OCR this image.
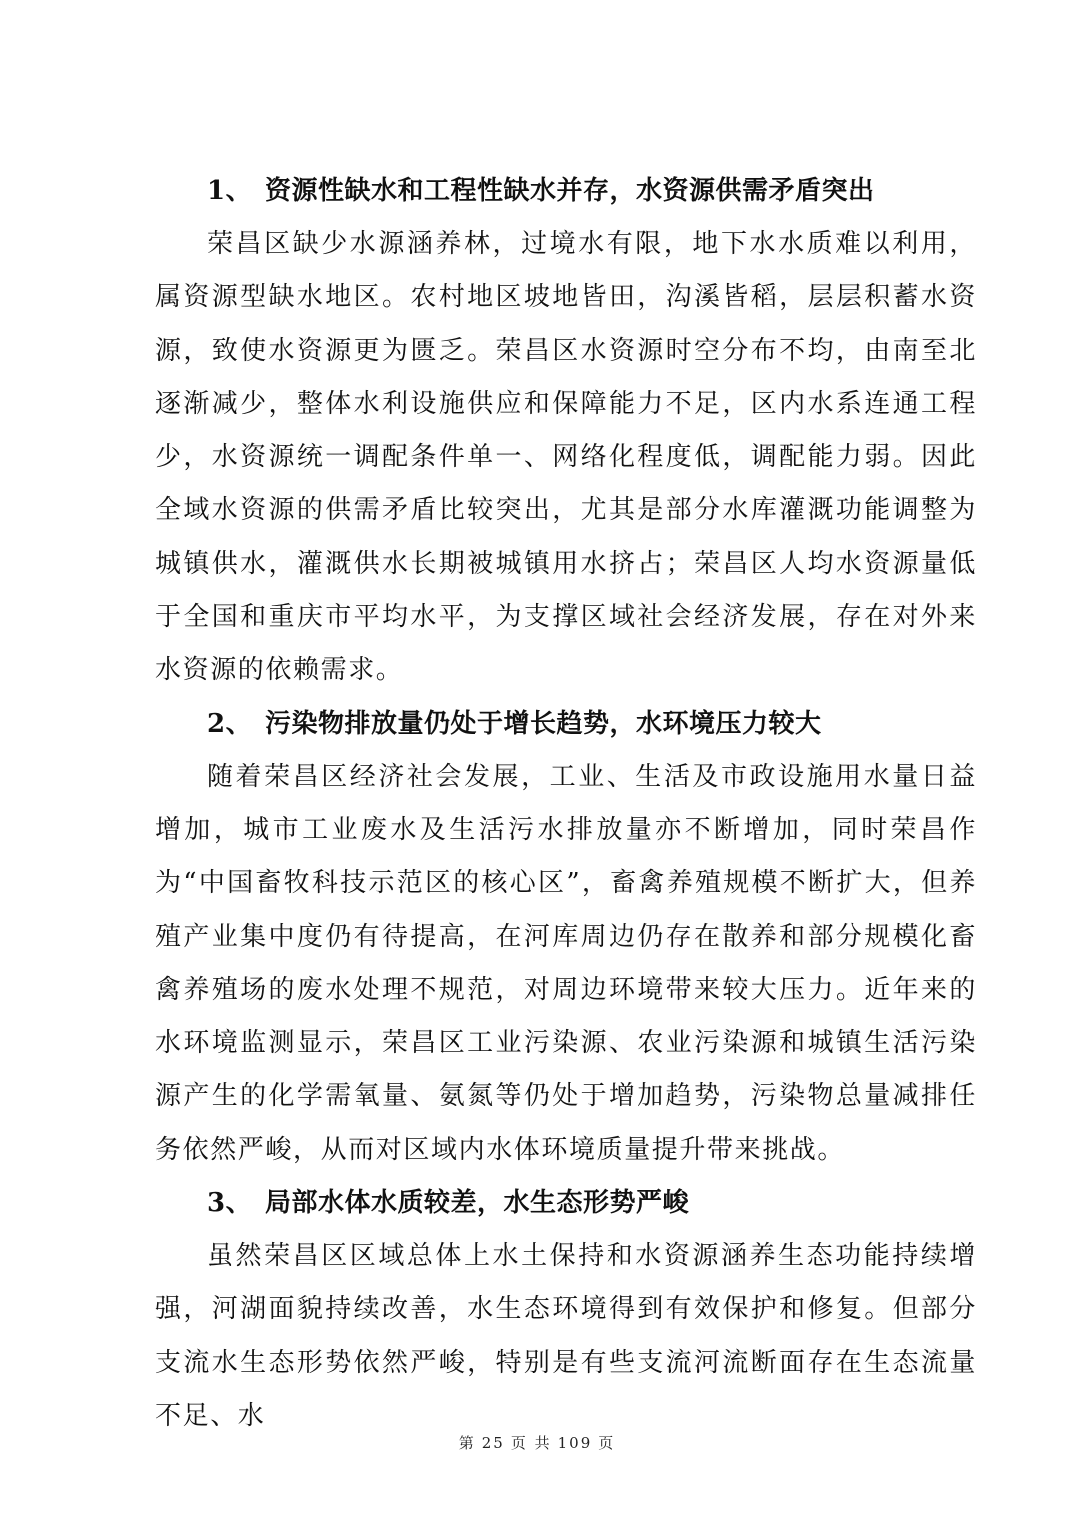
1、 资源性缺水和工程性缺水并存，水资源供需矛盾突出

荣昌区缺少水源涵养林，过境水有限，地下水水质难以利用，属资源型缺水地区。农村地区坡地皆田，沟溪皆稻，层层积蓄水资源，致使水资源更为匮乏。荣昌区水资源时空分布不均，由南至北逐渐减少，整体水利设施供应和保障能力不足，区内水系连通工程少，水资源统一调配条件单一、网络化程度低，调配能力弱。因此全域水资源的供需矛盾比较突出，尤其是部分水库灌溉功能调整为城镇供水，灌溉供水长期被城镇用水挤占；荣昌区人均水资源量低于全国和重庆市平均水平，为支撑区域社会经济发展，存在对外来水资源的依赖需求。

2、 污染物排放量仍处于增长趋势，水环境压力较大

随着荣昌区经济社会发展，工业、生活及市政设施用水量日益增加，城市工业废水及生活污水排放量亦不断增加，同时荣昌作为“中国畜牧科技示范区的核心区”，畜禽养殖规模不断扩大，但养殖产业集中度仍有待提高，在河库周边仍存在散养和部分规模化畜禽养殖场的废水处理不规范，对周边环境带来较大压力。近年来的水环境监测显示，荣昌区工业污染源、农业污染源和城镇生活污染源产生的化学需氧量、氨氮等仍处于增加趋势，污染物总量减排任务依然严峻，从而对区域内水体环境质量提升带来挑战。

3、 局部水体水质较差，水生态形势严峻

虽然荣昌区区域总体上水土保持和水资源涵养生态功能持续增强，河湖面貌持续改善，水生态环境得到有效保护和修复。但部分支流水生态形势依然严峻，特别是有些支流河流断面存在生态流量不足、水

第 25 页 共 109 页
